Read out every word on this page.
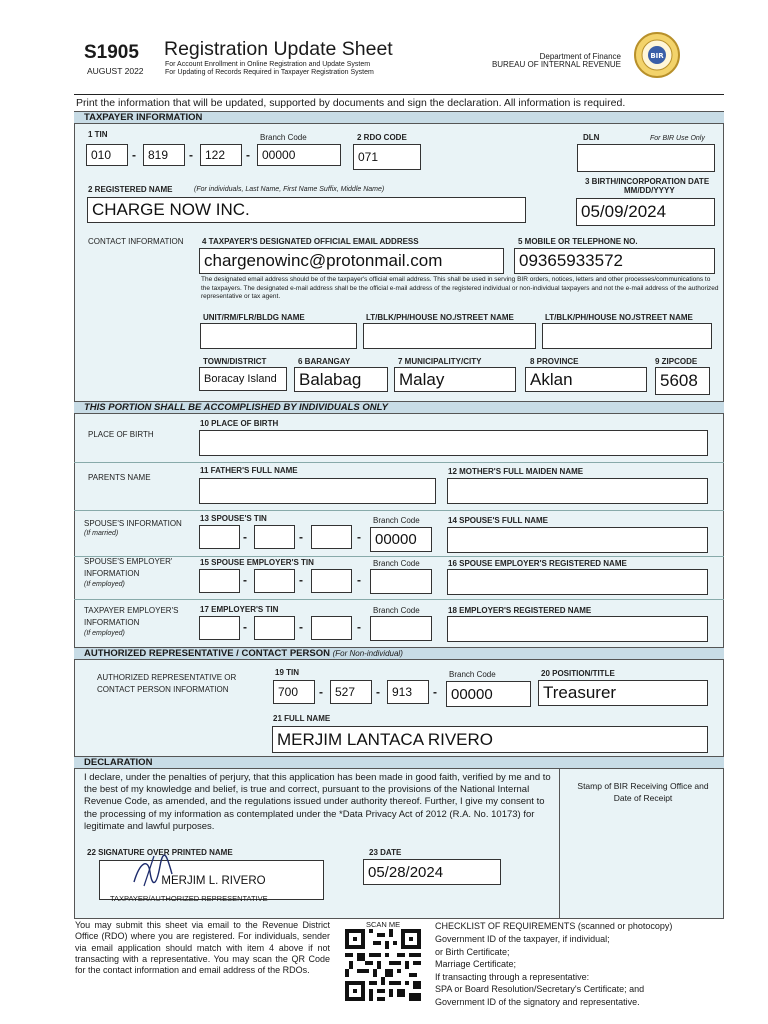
S1905
AUGUST 2022
Registration Update Sheet
For Account Enrollment in Online Registration and Update System
For Updating of Records Required in Taxpayer Registration System
Department of Finance
BUREAU OF INTERNAL REVENUE
BIR
Print the information that will be updated, supported by documents and sign the declaration. All information is required.
TAXPAYER INFORMATION
1 TIN
010	-	819	-	122	-
Branch Code
00000
2 RDO CODE
071
DLN	For BIR Use Only
2 REGISTERED NAME	(For individuals, Last Name, First Name Suffix, Middle Name)
CHARGE NOW INC.
3 BIRTH/INCORPORATION DATE
MM/DD/YYYY
05/09/2024
CONTACT INFORMATION 4 TAXPAYER'S DESIGNATED OFFICIAL EMAIL ADDRESS
chargenowinc@protonmail.com
5 MOBILE OR TELEPHONE NO.
09365933572
The designated email address should be of the taxpayer's official email address. This shall be used in serving BIR orders, notices, letters and other processes/communications to the taxpayers. The designated e-mail address shall be the official e-mail address of the registered individual or non-individual taxpayers and not the e-mail address of the authorized representative or tax agent.
UNIT/RM/FLR/BLDG NAME	LT/BLK/PH/HOUSE NO./STREET NAME	LT/BLK/PH/HOUSE NO./STREET NAME
TOWN/DISTRICT
Boracay Island
6 BARANGAY
Balabag
7 MUNICIPALITY/CITY
Malay
8 PROVINCE
Aklan
9 ZIPCODE
5608
THIS PORTION SHALL BE ACCOMPLISHED BY INDIVIDUALS ONLY
PLACE OF BIRTH
10 PLACE OF BIRTH
PARENTS NAME
11 FATHER'S FULL NAME	12 MOTHER'S FULL MAIDEN NAME
SPOUSE'S INFORMATION
(If married)
13 SPOUSE'S TIN
-	-	-
Branch Code
00000
14 SPOUSE'S FULL NAME
SPOUSE'S EMPLOYER'
INFORMATION
(If employed)
15 SPOUSE EMPLOYER'S TIN
-	-	-
Branch Code	16 SPOUSE EMPLOYER'S REGISTERED NAME
TAXPAYER EMPLOYER'S
INFORMATION
(If employed)
17 EMPLOYER'S TIN
-	-	-
Branch Code	18 EMPLOYER'S REGISTERED NAME
AUTHORIZED REPRESENTATIVE / CONTACT PERSON (For Non-individual)
AUTHORIZED REPRESENTATIVE OR
CONTACT PERSON INFORMATION
19 TIN
700	-	527	-	913	-
Branch Code
00000
20 POSITION/TITLE
Treasurer
21 FULL NAME
MERJIM LANTACA RIVERO
DECLARATION
Stamp of BIR Receiving Office and Date of Receipt
I declare, under the penalties of perjury, that this application has been made in good faith, verified by me and to the best of my knowledge and belief, is true and correct, pursuant to the provisions of the National Internal Revenue Code, as amended, and the regulations issued under authority thereof. Further, I give my consent to the processing of my information as contemplated under the *Data Privacy Act of 2012 (R.A. No. 10173) for legitimate and lawful purposes.
22 SIGNATURE OVER PRINTED NAME
MERJIM L. RIVERO
TAXPAYER/AUTHORIZED REPRESENTATIVE
23 DATE
05/28/2024
You may submit this sheet via email to the Revenue District Office (RDO) where you are registered. For individuals, sender via email application should match with item 4 above if not transacting with a representative. You may scan the QR Code for the contact information and email address of the RDOs.
SCAN ME	CHECKLIST OF REQUIREMENTS (scanned or photocopy)
Government ID of the taxpayer, if individual;
or Birth Certificate;
Marriage Certificate;
If transacting through a representative:
SPA or Board Resolution/Secretary's Certificate; and
Government ID of the signatory and representative.
